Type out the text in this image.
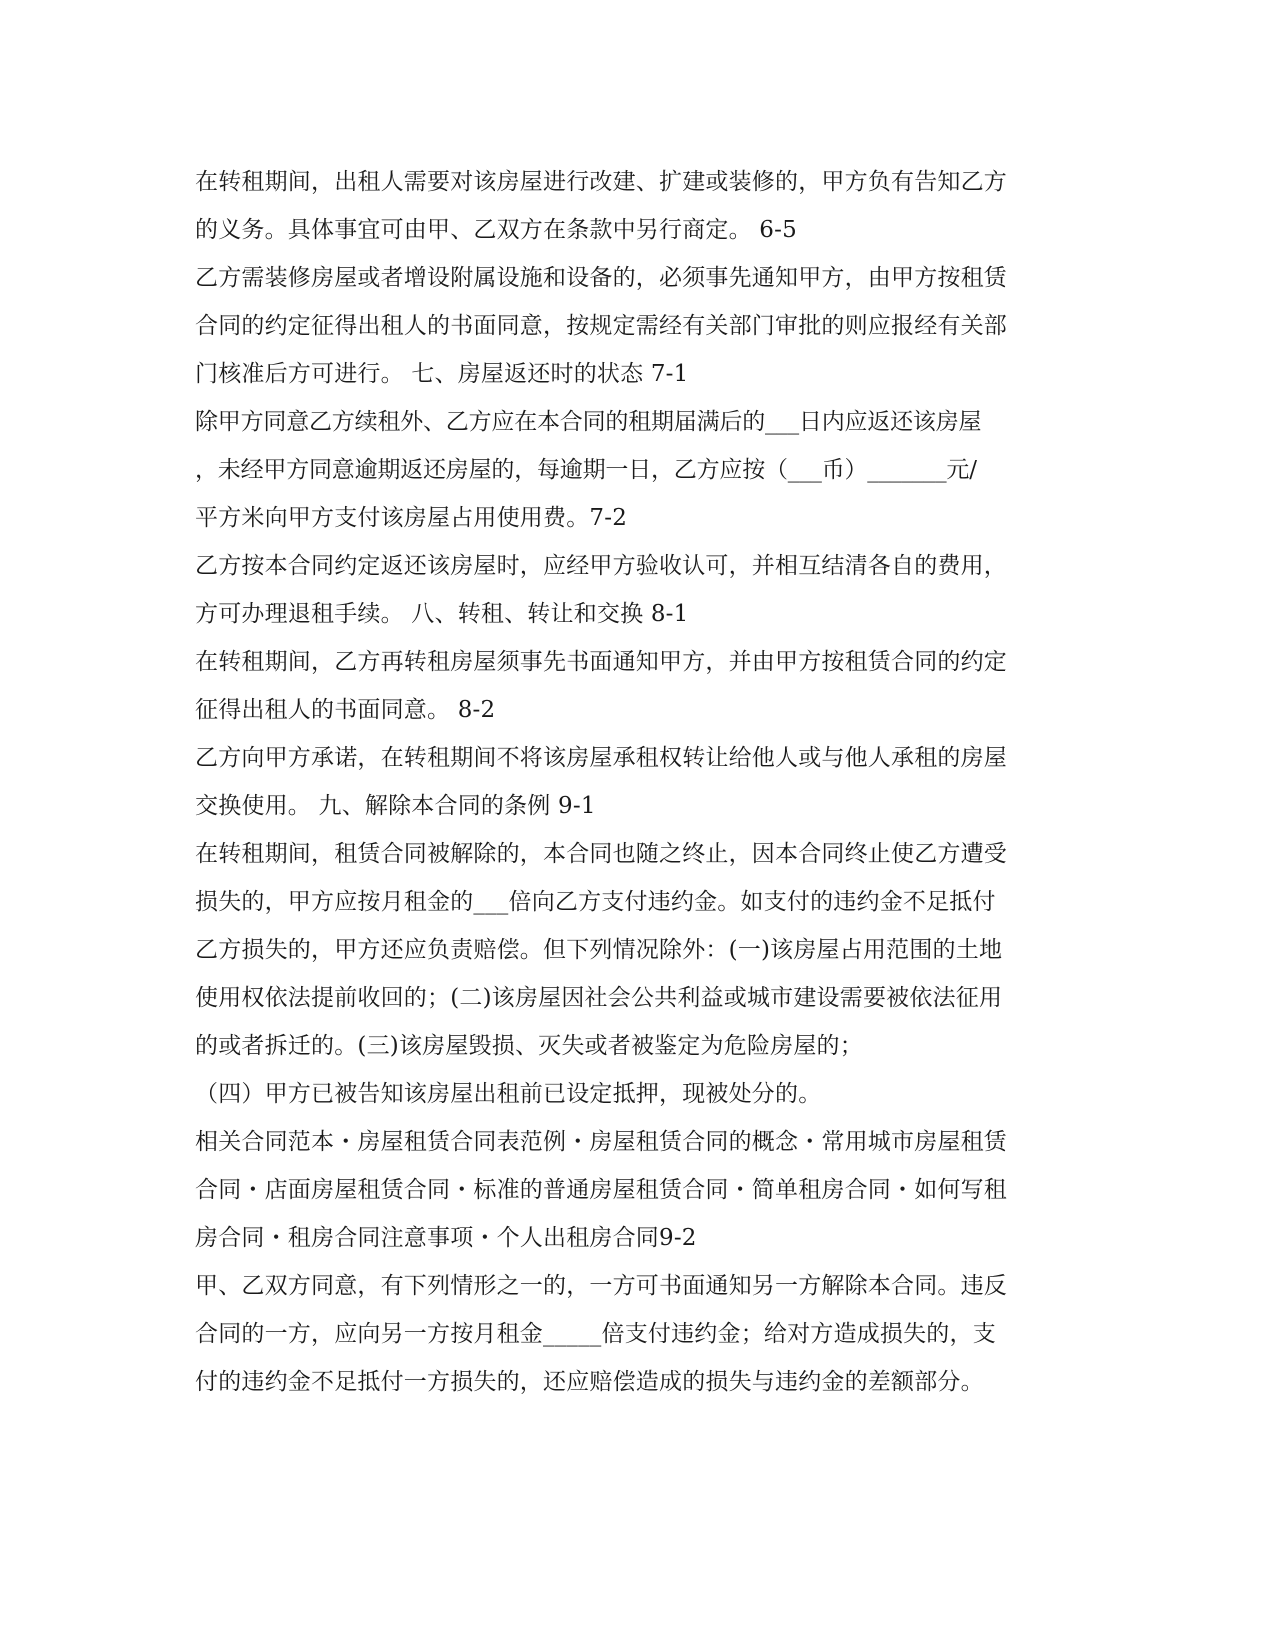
在转租期间，出租人需要对该房屋进行改建、扩建或装修的，甲方负有告知乙方
的义务。具体事宜可由甲、乙双方在条款中另行商定。 6-5
乙方需装修房屋或者增设附属设施和设备的，必须事先通知甲方，由甲方按租赁
合同的约定征得出租人的书面同意，按规定需经有关部门审批的则应报经有关部
门核准后方可进行。 七、房屋返还时的状态 7-1
除甲方同意乙方续租外、乙方应在本合同的租期届满后的___日内应返还该房屋
，未经甲方同意逾期返还房屋的，每逾期一日，乙方应按（___币）_______元/
平方米向甲方支付该房屋占用使用费。7-2
乙方按本合同约定返还该房屋时，应经甲方验收认可，并相互结清各自的费用，
方可办理退租手续。 八、转租、转让和交换 8-1
在转租期间，乙方再转租房屋须事先书面通知甲方，并由甲方按租赁合同的约定
征得出租人的书面同意。 8-2
乙方向甲方承诺，在转租期间不将该房屋承租权转让给他人或与他人承租的房屋
交换使用。 九、解除本合同的条例 9-1
在转租期间，租赁合同被解除的，本合同也随之终止，因本合同终止使乙方遭受
损失的，甲方应按月租金的___倍向乙方支付违约金。如支付的违约金不足抵付
乙方损失的，甲方还应负责赔偿。但下列情况除外：(一)该房屋占用范围的土地
使用权依法提前收回的；(二)该房屋因社会公共利益或城市建设需要被依法征用
的或者拆迁的。(三)该房屋毁损、灭失或者被鉴定为危险房屋的；
（四）甲方已被告知该房屋出租前已设定抵押，现被处分的。
相关合同范本・房屋租赁合同表范例・房屋租赁合同的概念・常用城市房屋租赁
合同・店面房屋租赁合同・标准的普通房屋租赁合同・简单租房合同・如何写租
房合同・租房合同注意事项・个人出租房合同9-2
甲、乙双方同意，有下列情形之一的，一方可书面通知另一方解除本合同。违反
合同的一方，应向另一方按月租金_____倍支付违约金；给对方造成损失的，支
付的违约金不足抵付一方损失的，还应赔偿造成的损失与违约金的差额部分。
